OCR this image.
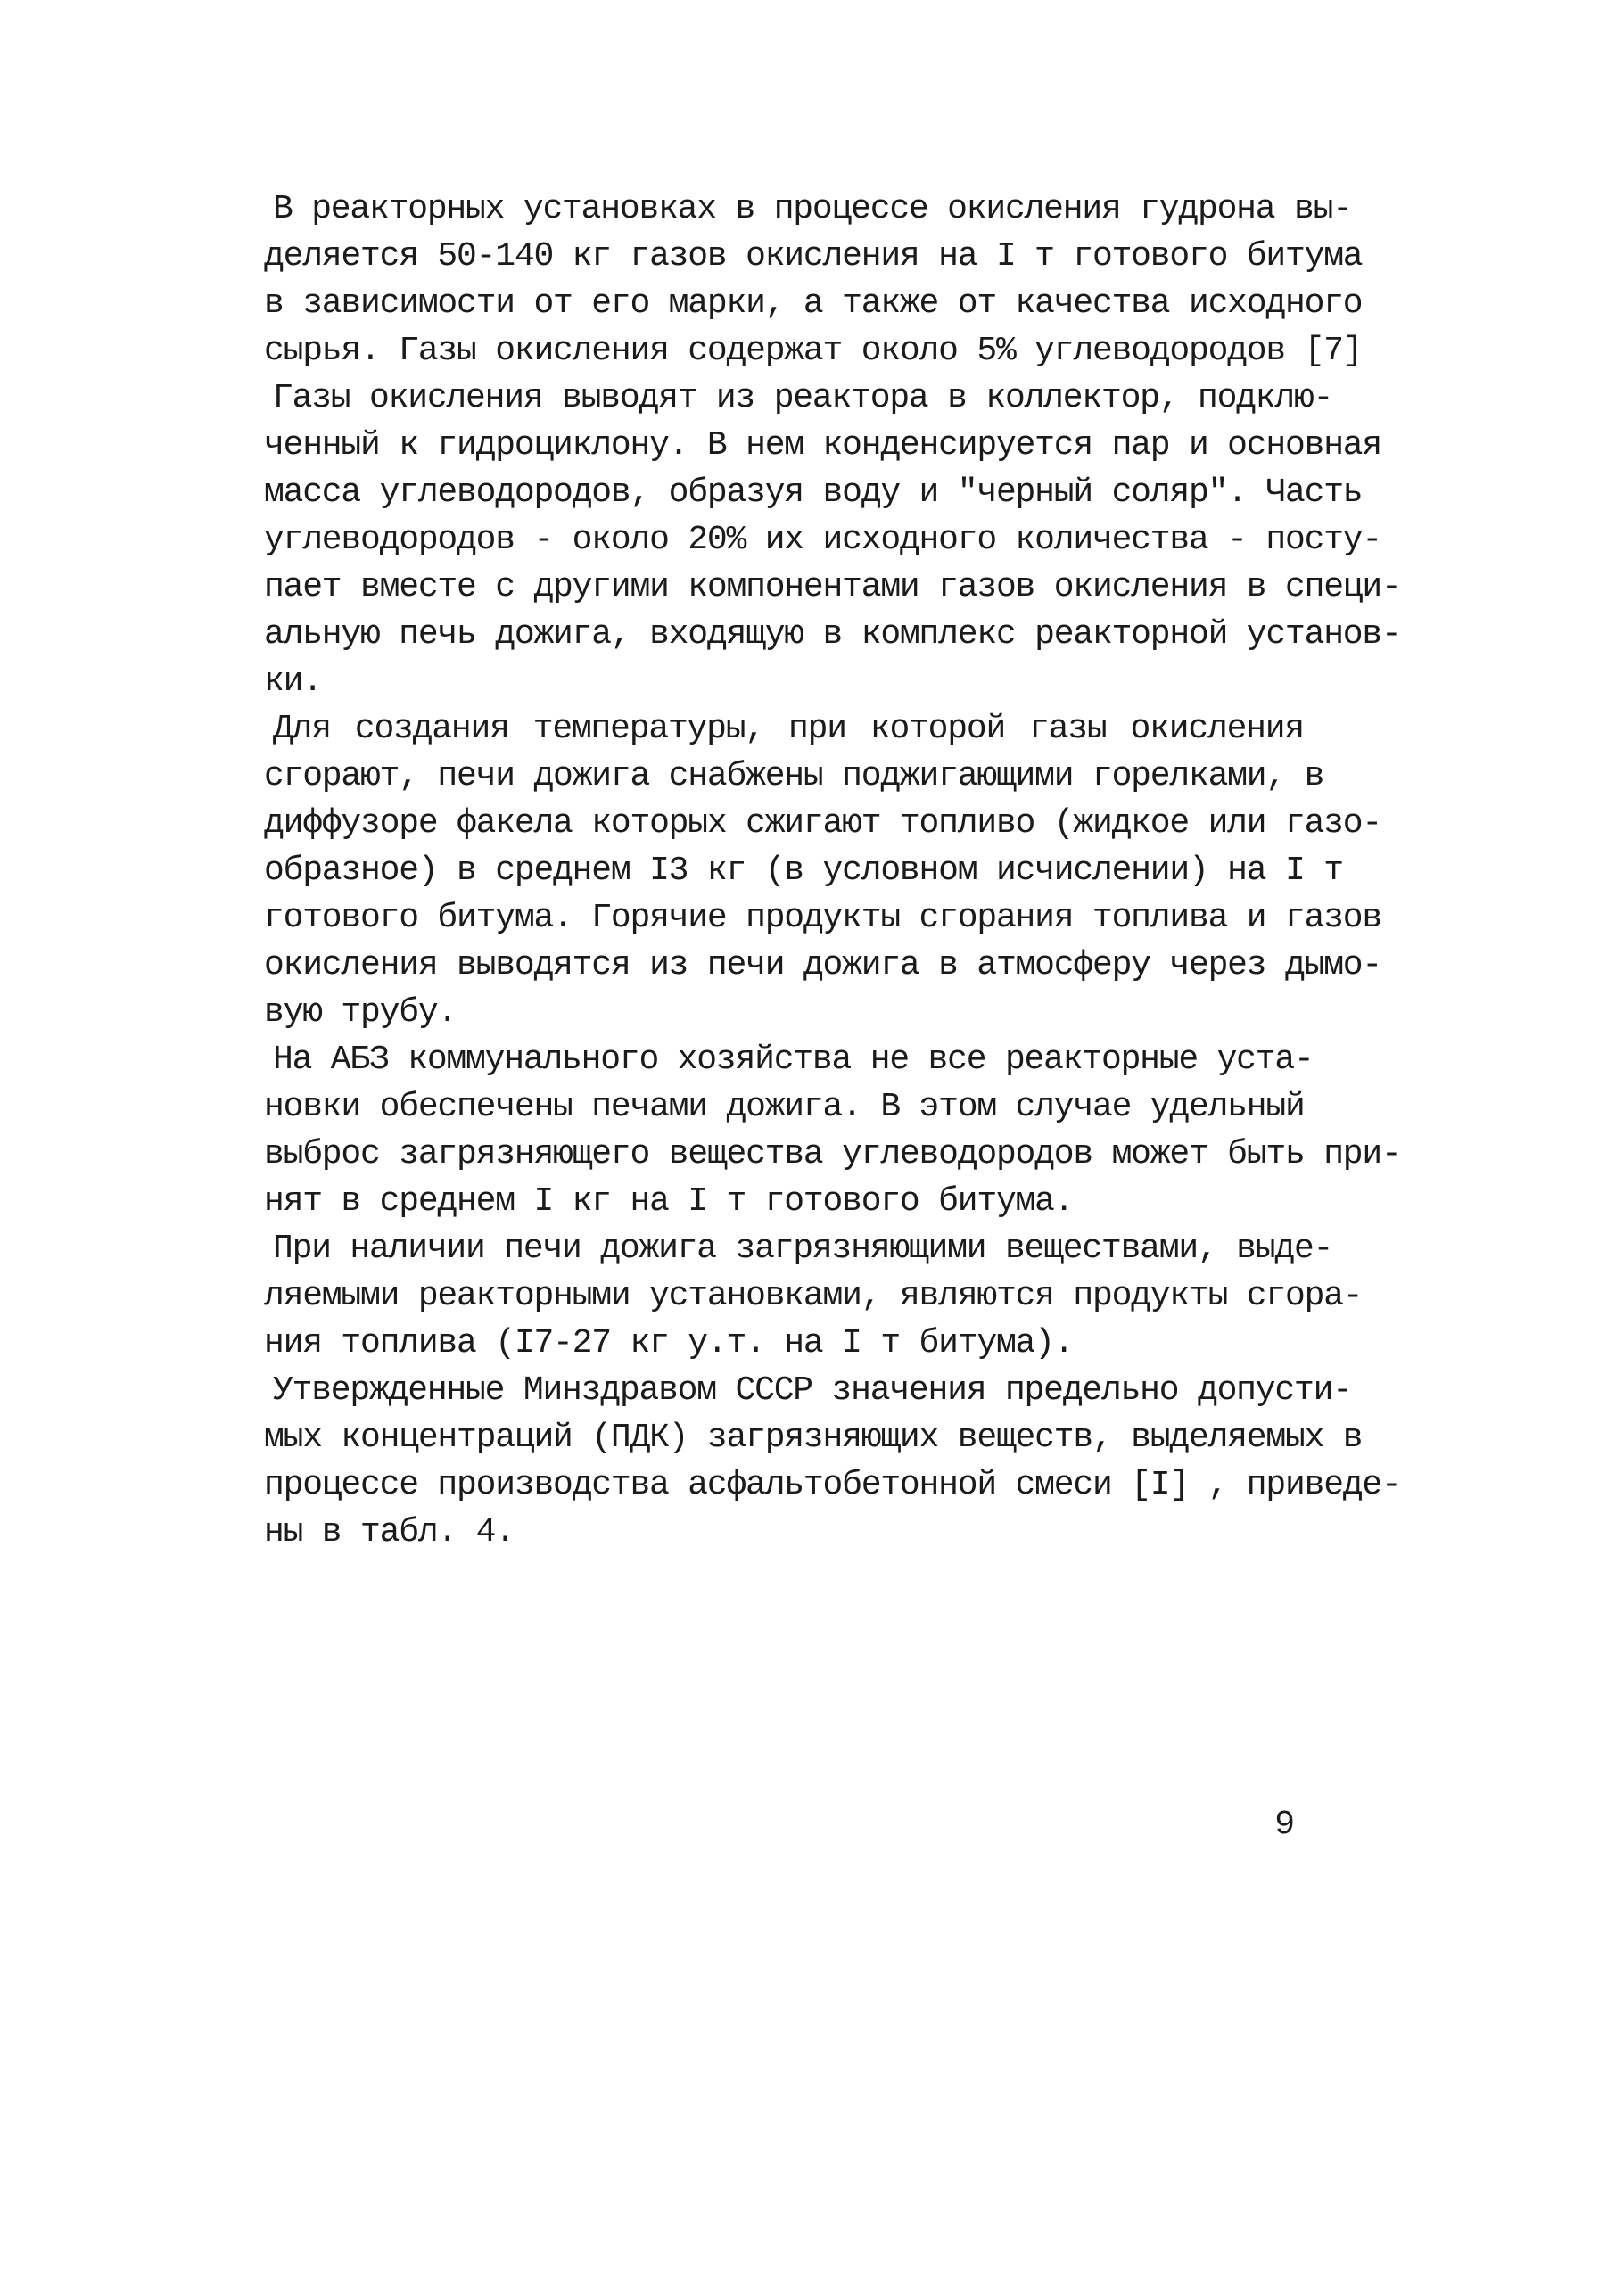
В реакторных установках в процессе окисления гудрона вы-
деляется 50-140 кг газов окисления на I т готового битума
в зависимости от его марки, а также от качества исходного
сырья. Газы окисления содержат около 5% углеводородов [7]
Газы окисления выводят из реактора в коллектор, подклю-
ченный к гидроциклону. В нем конденсируется пар и основная
масса углеводородов, образуя воду и "черный соляр". Часть
углеводородов - около 20% их исходного количества - посту-
пает вместе с другими компонентами газов окисления в специ-
альную печь дожига, входящую в комплекс реакторной установ-
ки.
Для создания температуры, при которой газы окисления
сгорают, печи дожига снабжены поджигающими горелками, в
диффузоре факела которых сжигают топливо (жидкое или газо-
образное) в среднем I3 кг (в условном исчислении) на I т
готового битума. Горячие продукты сгорания топлива и газов
окисления выводятся из печи дожига в атмосферу через дымо-
вую трубу.
На АБЗ коммунального хозяйства не все реакторные уста-
новки обеспечены печами дожига. В этом случае удельный
выброс загрязняющего вещества углеводородов может быть при-
нят в среднем I кг на I т готового битума.
При наличии печи дожига загрязняющими веществами, выде-
ляемыми реакторными установками, являются продукты сгора-
ния топлива (I7-27 кг у.т. на I т битума).
Утвержденные Минздравом СССР значения предельно допусти-
мых концентраций (ПДК) загрязняющих веществ, выделяемых в
процессе производства асфальтобетонной смеси [I] , приведе-
ны в табл. 4.
9
